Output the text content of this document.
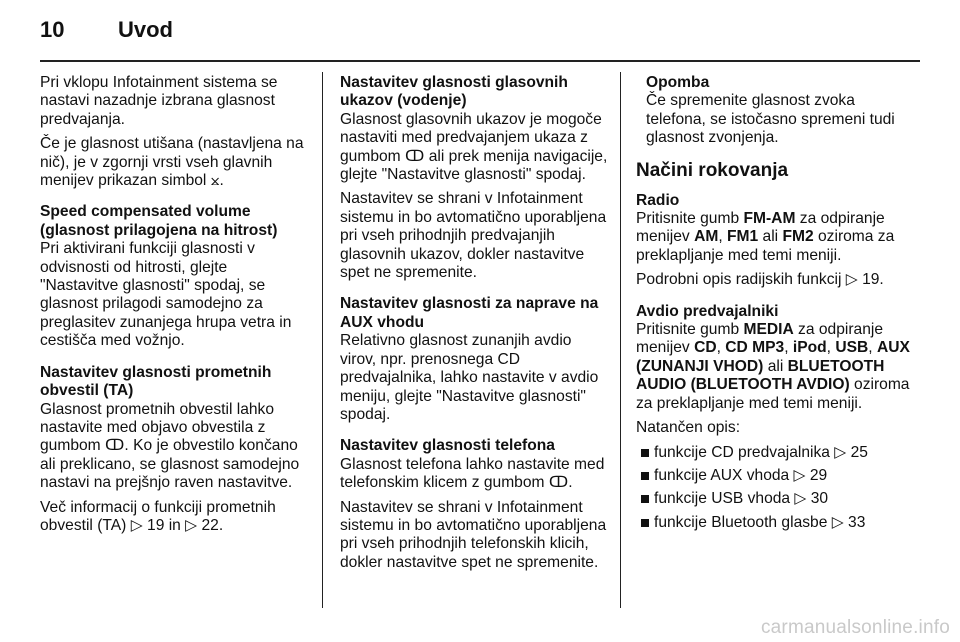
10 Uvod

Pri vklopu Infotainment sistema se nastavi nazadnje izbrana glasnost predvajanja.

Če je glasnost utišana (nastavljena na nič), je v zgornji vrsti vseh glavnih menijev prikazan simbol ⨲.

Speed compensated volume (glasnost prilagojena na hitrost)

Pri aktivirani funkciji glasnosti v odvisnosti od hitrosti, glejte "Nastavitve glasnosti" spodaj, se glasnost prilagodi samodejno za preglasitev zunanjega hrupa vetra in cestišča med vožnjo.

Nastavitev glasnosti prometnih obvestil (TA)

Glasnost prometnih obvestil lahko nastavite med objavo obvestila z gumbom ↀ. Ko je obvestilo končano ali preklicano, se glasnost samodejno nastavi na prejšnjo raven nastavitve.

Več informacij o funkciji prometnih obvestil (TA) ▷ 19 in ▷ 22.

Nastavitev glasnosti glasovnih ukazov (vodenje)

Glasnost glasovnih ukazov je mogoče nastaviti med predvajanjem ukaza z gumbom ↀ ali prek menija navigacije, glejte "Nastavitve glasnosti" spodaj.

Nastavitev se shrani v Infotainment sistemu in bo avtomatično uporabljena pri vseh prihodnjih predvajanjih glasovnih ukazov, dokler nastavitve spet ne spremenite.

Nastavitev glasnosti za naprave na AUX vhodu

Relativno glasnost zunanjih avdio virov, npr. prenosnega CD predvajalnika, lahko nastavite v avdio meniju, glejte "Nastavitve glasnosti" spodaj.

Nastavitev glasnosti telefona

Glasnost telefona lahko nastavite med telefonskim klicem z gumbom ↀ.

Nastavitev se shrani v Infotainment sistemu in bo avtomatično uporabljena pri vseh prihodnjih telefonskih klicih, dokler nastavitve spet ne spremenite.

Opomba

Če spremenite glasnost zvoka telefona, se istočasno spremeni tudi glasnost zvonjenja.

Načini rokovanja

Radio

Pritisnite gumb FM-AM za odpiranje menijev AM, FM1 ali FM2 oziroma za preklapljanje med temi meniji.

Podrobni opis radijskih funkcij ▷ 19.

Avdio predvajalniki

Pritisnite gumb MEDIA za odpiranje menijev CD, CD MP3, iPod, USB, AUX (ZUNANJI VHOD) ali BLUETOOTH AUDIO (BLUETOOTH AVDIO) oziroma za preklapljanje med temi meniji.

Natančen opis:

funkcije CD predvajalnika ▷ 25
funkcije AUX vhoda ▷ 29
funkcije USB vhoda ▷ 30
funkcije Bluetooth glasbe ▷ 33
carmanualsonline.info
